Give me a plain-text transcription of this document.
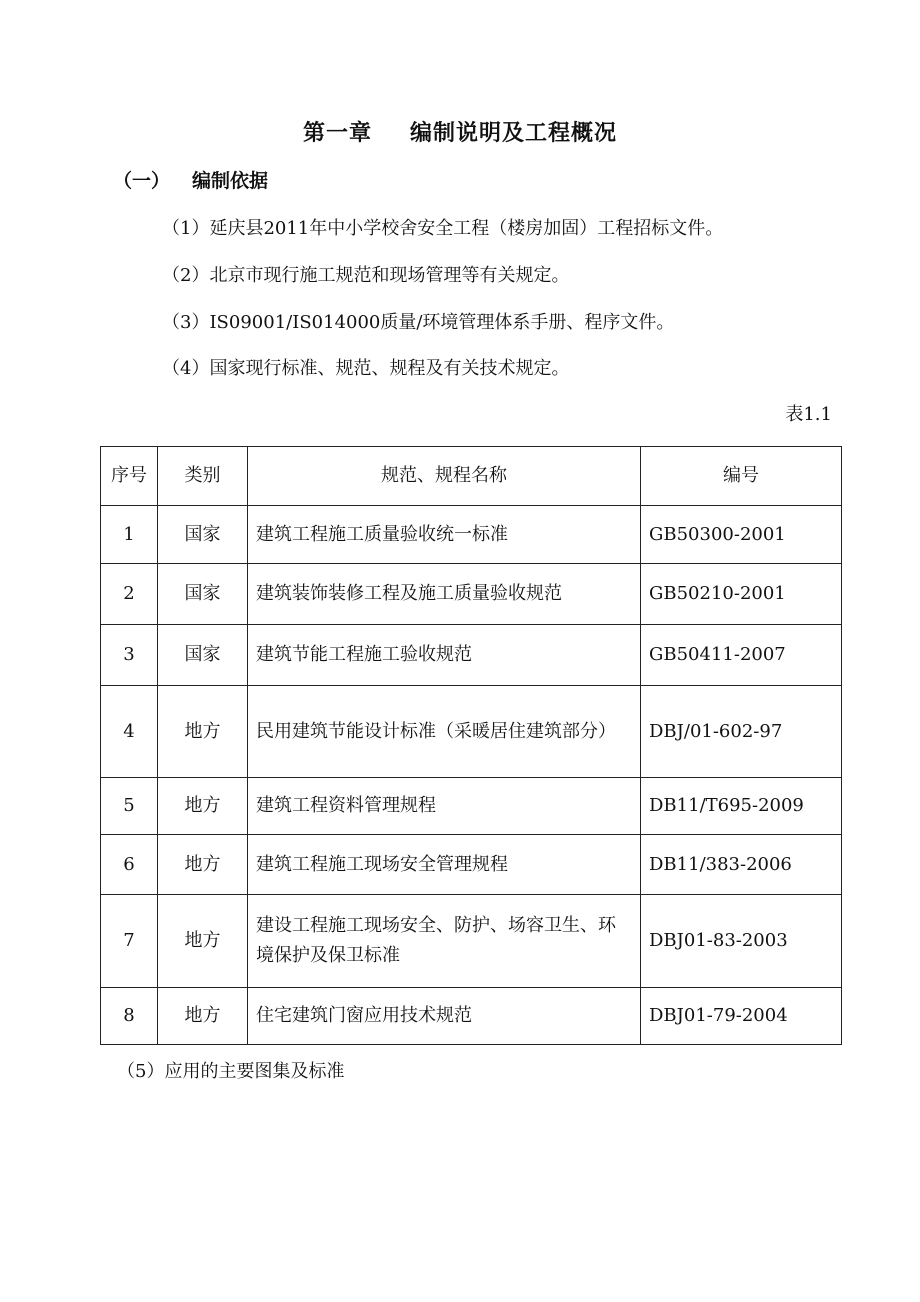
第一章 编制说明及工程概况
（一） 编制依据
（1）延庆县2011年中小学校舍安全工程（楼房加固）工程招标文件。
（2）北京市现行施工规范和现场管理等有关规定。
（3）IS09001/IS014000质量/环境管理体系手册、程序文件。
（4）国家现行标准、规范、规程及有关技术规定。
表1.1
序号	类别	规范、规程名称	编号
1	国家	建筑工程施工质量验收统一标准	GB50300-2001
2	国家	建筑装饰装修工程及施工质量验收规范	GB50210-2001
3	国家	建筑节能工程施工验收规范	GB50411-2007
4	地方	民用建筑节能设计标准（采暖居住建筑部分）	DBJ/01-602-97
5	地方	建筑工程资料管理规程	DB11/T695-2009
6	地方	建筑工程施工现场安全管理规程	DB11/383-2006
7	地方	建设工程施工现场安全、防护、场容卫生、环境保护及保卫标准	DBJ01-83-2003
8	地方	住宅建筑门窗应用技术规范	DBJ01-79-2004
（5）应用的主要图集及标准
